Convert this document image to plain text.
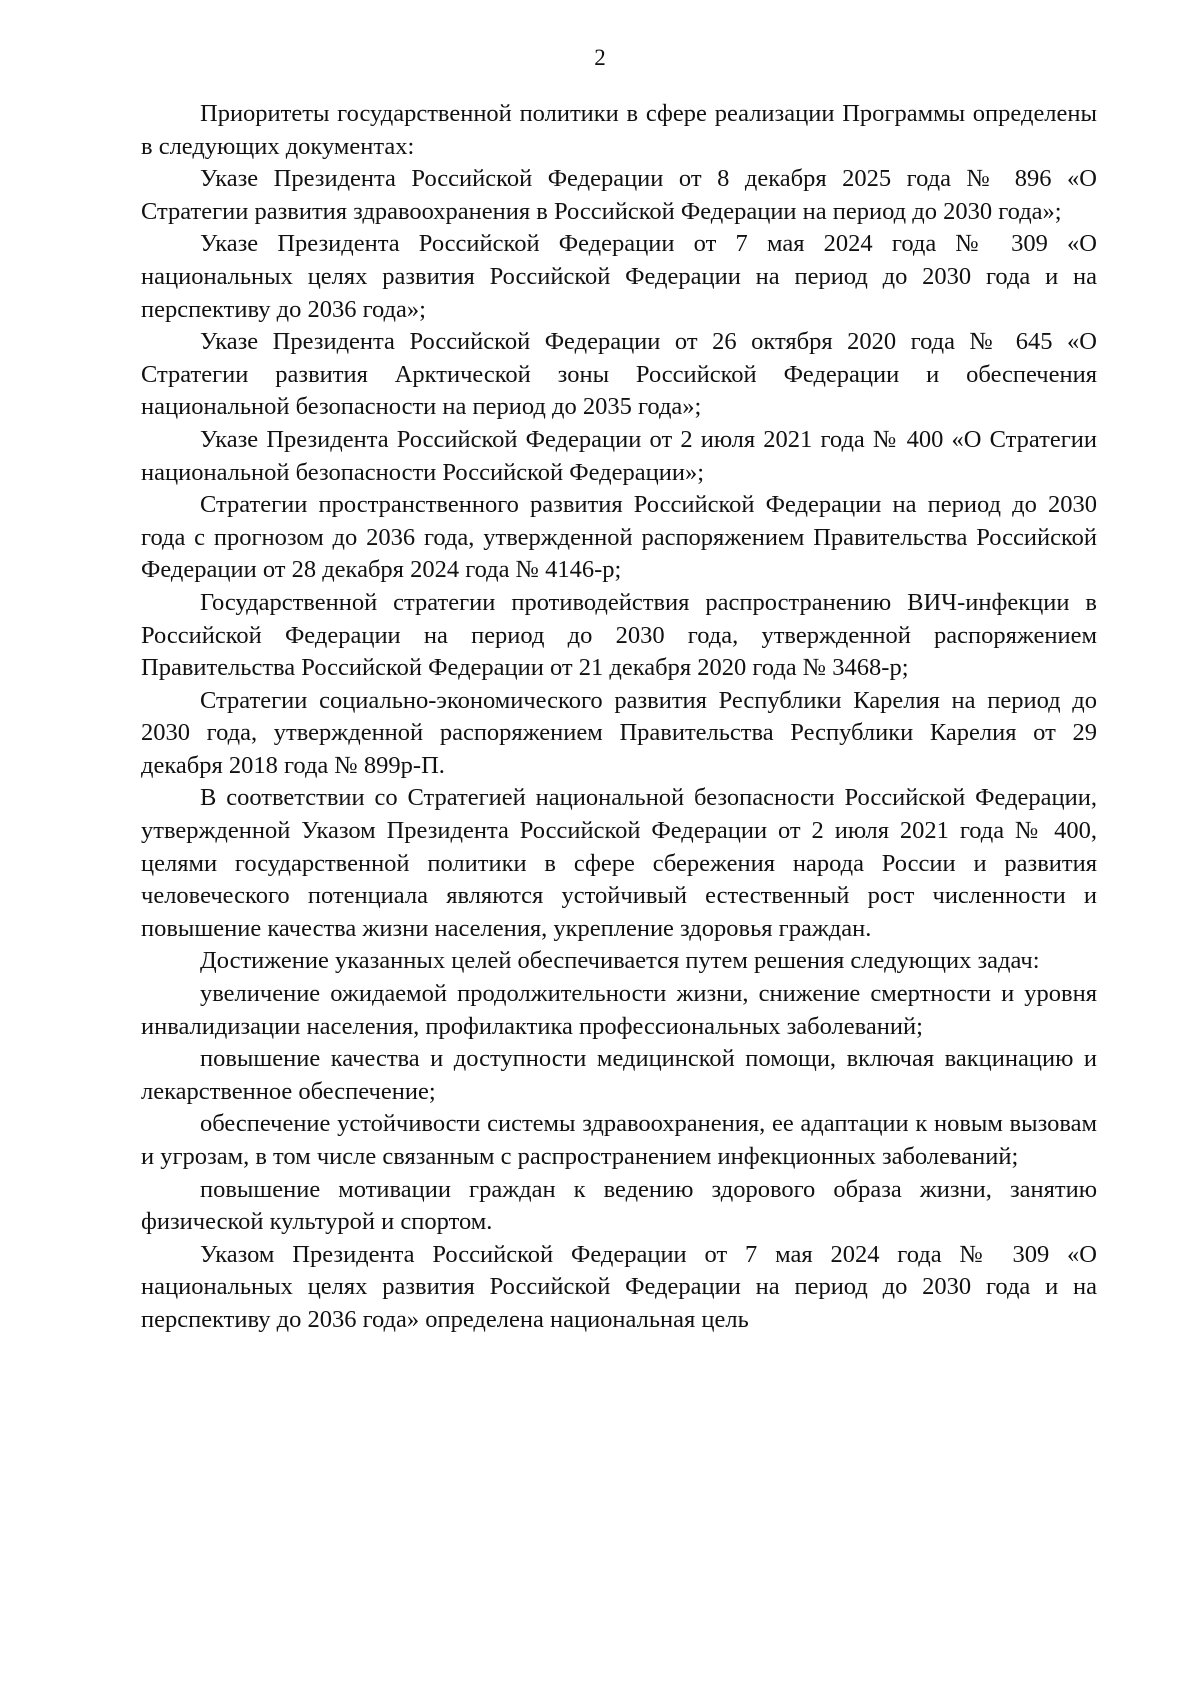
2

Приоритеты государственной политики в сфере реализации Программы определены в следующих документах:

Указе Президента Российской Федерации от 8 декабря 2025 года № 896 «О Стратегии развития здравоохранения в Российской Федерации на период до 2030 года»;

Указе Президента Российской Федерации от 7 мая 2024 года № 309 «О национальных целях развития Российской Федерации на период до 2030 года и на перспективу до 2036 года»;

Указе Президента Российской Федерации от 26 октября 2020 года № 645 «О Стратегии развития Арктической зоны Российской Федерации и обеспечения национальной безопасности на период до 2035 года»;

Указе Президента Российской Федерации от 2 июля 2021 года № 400 «О Стратегии национальной безопасности Российской Федерации»;

Стратегии пространственного развития Российской Федерации на период до 2030 года с прогнозом до 2036 года, утвержденной распоряжением Правительства Российской Федерации от 28 декабря 2024 года № 4146-р;

Государственной стратегии противодействия распространению ВИЧ-инфекции в Российской Федерации на период до 2030 года, утвержденной распоряжением Правительства Российской Федерации от 21 декабря 2020 года № 3468-р;

Стратегии социально-экономического развития Республики Карелия на период до 2030 года, утвержденной распоряжением Правительства Республики Карелия от 29 декабря 2018 года № 899р-П.

В соответствии со Стратегией национальной безопасности Российской Федерации, утвержденной Указом Президента Российской Федерации от 2 июля 2021 года № 400, целями государственной политики в сфере сбережения народа России и развития человеческого потенциала являются устойчивый естественный рост численности и повышение качества жизни населения, укрепление здоровья граждан.

Достижение указанных целей обеспечивается путем решения следующих задач:

увеличение ожидаемой продолжительности жизни, снижение смертности и уровня инвалидизации населения, профилактика профессиональных заболеваний;

повышение качества и доступности медицинской помощи, включая вакцинацию и лекарственное обеспечение;

обеспечение устойчивости системы здравоохранения, ее адаптации к новым вызовам и угрозам, в том числе связанным с распространением инфекционных заболеваний;

повышение мотивации граждан к ведению здорового образа жизни, занятию физической культурой и спортом.

Указом Президента Российской Федерации от 7 мая 2024 года № 309 «О национальных целях развития Российской Федерации на период до 2030 года и на перспективу до 2036 года» определена национальная цель
